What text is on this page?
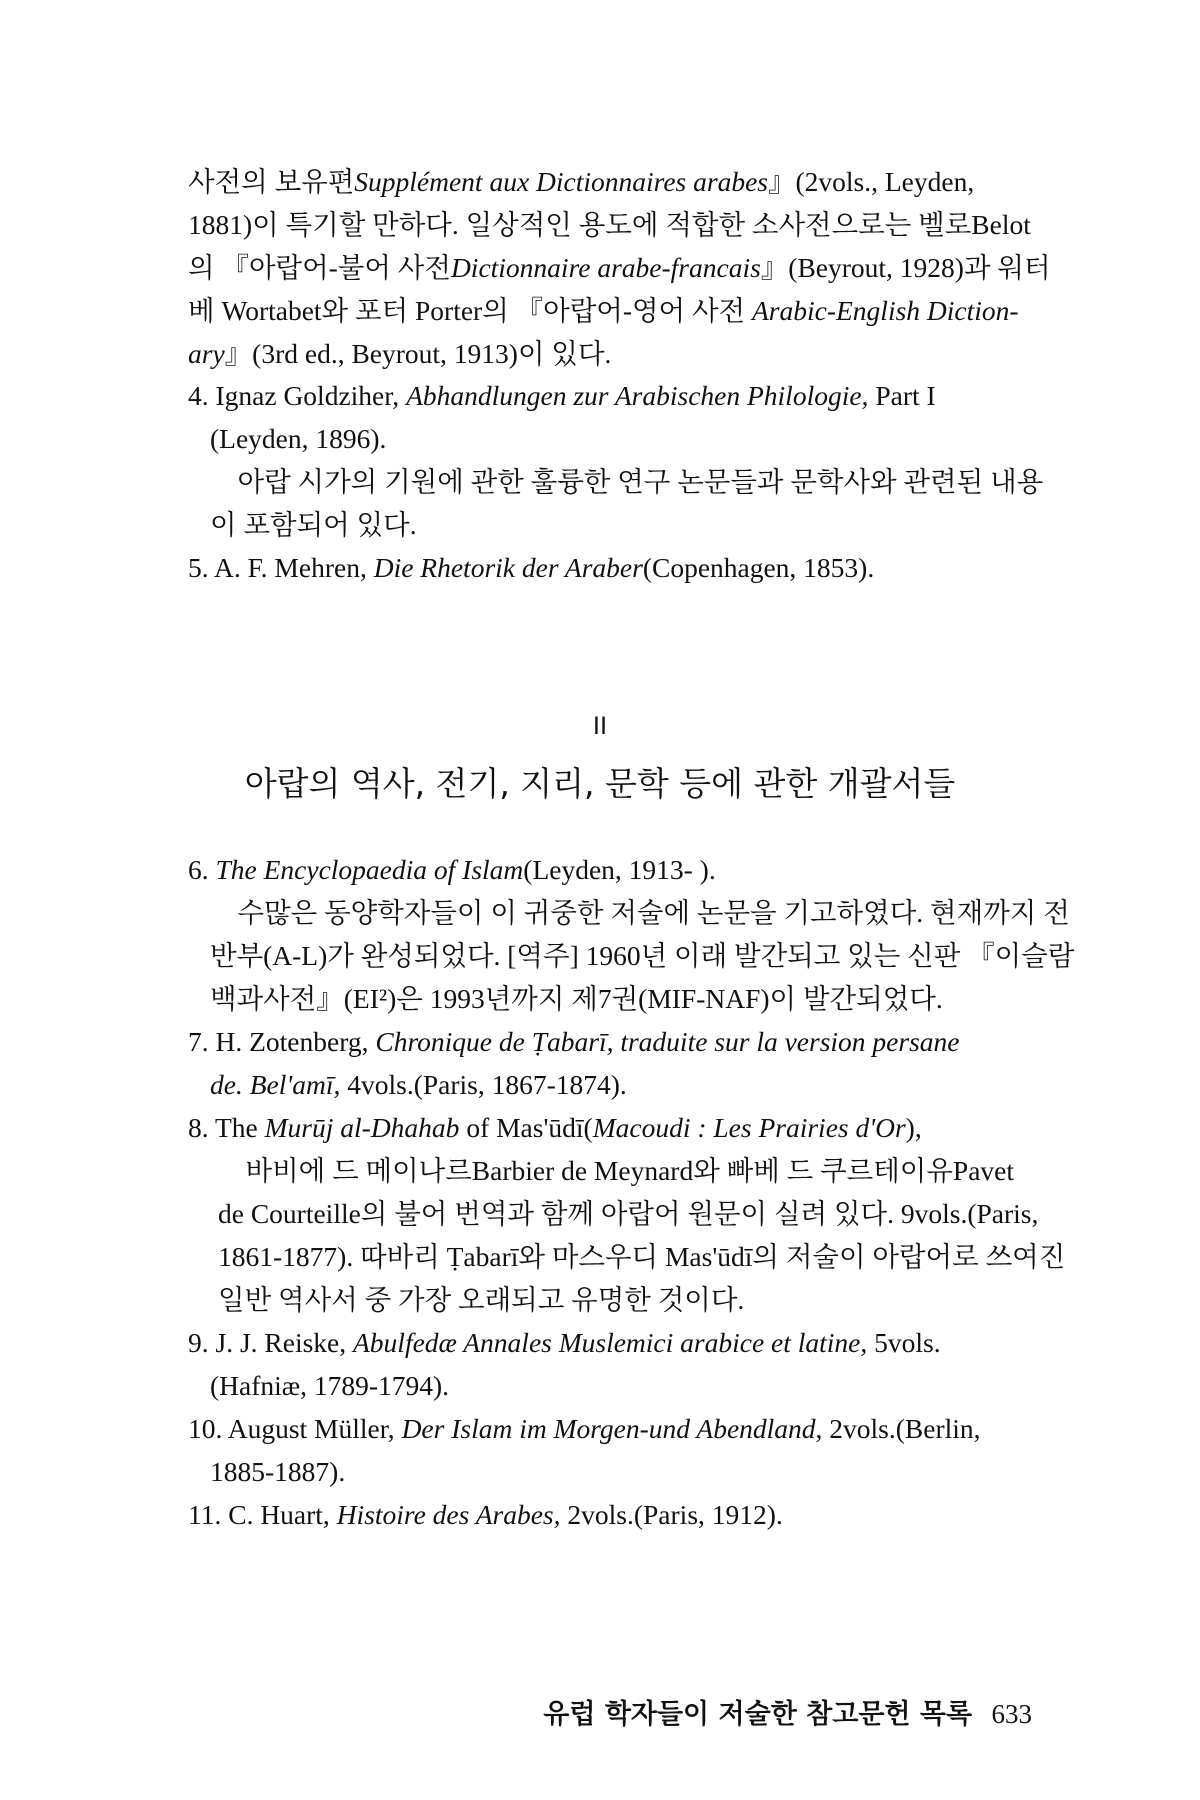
사전의 보유편Supplément aux Dictionnaires arabes』(2vols., Leyden,
1881)이 특기할 만하다. 일상적인 용도에 적합한 소사전으로는 벨로Belot
의 『아랍어-불어 사전Dictionnaire arabe-francais』(Beyrout, 1928)과 워터
베 Wortabet와 포터 Porter의 『아랍어-영어 사전 Arabic-English Diction-
ary』(3rd ed., Beyrout, 1913)이 있다.
4. Ignaz Goldziher, Abhandlungen zur Arabischen Philologie, Part I
(Leyden, 1896).
　아랍 시가의 기원에 관한 훌륭한 연구 논문들과 문학사와 관련된 내용
이 포함되어 있다.
5. A. F. Mehren, Die Rhetorik der Araber(Copenhagen, 1853).
6. The Encyclopaedia of Islam(Leyden, 1913- ).
　수많은 동양학자들이 이 귀중한 저술에 논문을 기고하였다. 현재까지 전
반부(A-L)가 완성되었다. [역주] 1960년 이래 발간되고 있는 신판 『이슬람
백과사전』(EI²)은 1993년까지 제7권(MIF-NAF)이 발간되었다.
7. H. Zotenberg, Chronique de Ṭabarī, traduite sur la version persane
de. Bel'amī, 4vols.(Paris, 1867-1874).
8. The Murūj al-Dhahab of Mas'ūdī(Macoudi : Les Prairies d'Or),
　바비에 드 메이나르Barbier de Meynard와 빠베 드 쿠르테이유Pavet
de Courteille의 불어 번역과 함께 아랍어 원문이 실려 있다. 9vols.(Paris,
1861-1877). 따바리 Ṭabarī와 마스우디 Mas'ūdī의 저술이 아랍어로 쓰여진
일반 역사서 중 가장 오래되고 유명한 것이다.
9. J. J. Reiske, Abulfedæ Annales Muslemici arabice et latine, 5vols.
(Hafniæ, 1789-1794).
10. August Müller, Der Islam im Morgen-und Abendland, 2vols.(Berlin,
1885-1887).
11. C. Huart, Histoire des Arabes, 2vols.(Paris, 1912).
II
아랍의 역사, 전기, 지리, 문학 등에 관한 개괄서들
유럽 학자들이 저술한 참고문헌 목록 633
